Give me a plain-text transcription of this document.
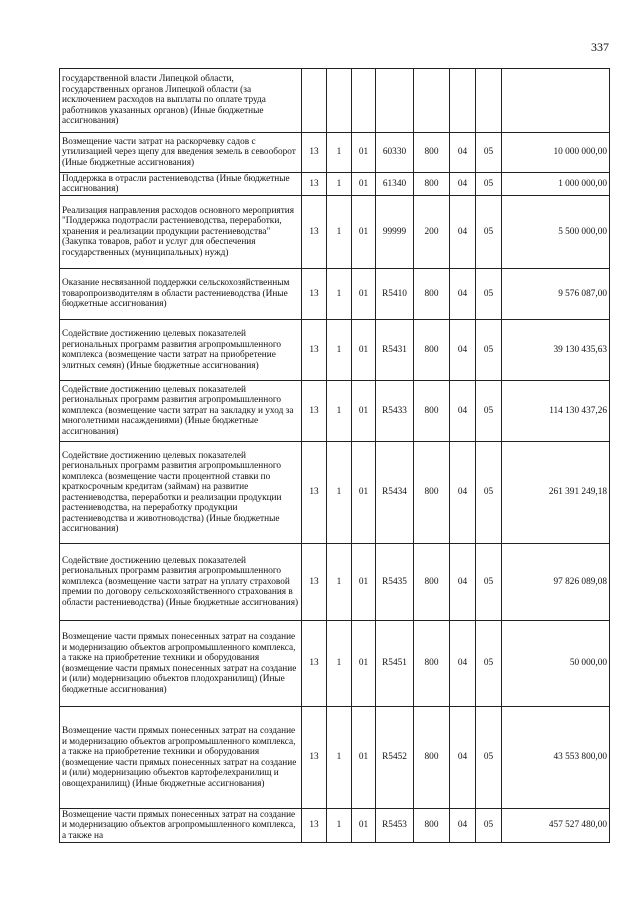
337
государственной власти Липецкой области, государственных органов Липецкой области (за исключением расходов на выплаты по оплате труда работников указанных органов) (Иные бюджетные ассигнования)								
Возмещение части затрат на раскорчевку садов с утилизацией через щепу для введения земель в севооборот (Иные бюджетные ассигнования)	13	1	01	60330	800	04	05	10 000 000,00
Поддержка в отрасли растениеводства (Иные бюджетные ассигнования)	13	1	01	61340	800	04	05	1 000 000,00
Реализация направления расходов основного мероприятия "Поддержка подотрасли растениеводства, переработки, хранения и реализации продукции растениеводства" (Закупка товаров, работ и услуг для обеспечения государственных (муниципальных) нужд)	13	1	01	99999	200	04	05	5 500 000,00
Оказание несвязанной поддержки сельскохозяйственным товаропроизводителям в области растениеводства (Иные бюджетные ассигнования)	13	1	01	R5410	800	04	05	9 576 087,00
Содействие достижению целевых показателей региональных программ развития агропромышленного комплекса (возмещение части затрат на приобретение элитных семян) (Иные бюджетные ассигнования)	13	1	01	R5431	800	04	05	39 130 435,63
Содействие достижению целевых показателей региональных программ развития агропромышленного комплекса (возмещение части затрат на закладку и уход за многолетними насаждениями) (Иные бюджетные ассигнования)	13	1	01	R5433	800	04	05	114 130 437,26
Содействие достижению целевых показателей региональных программ развития агропромышленного комплекса (возмещение части процентной ставки по краткосрочным кредитам (займам) на развитие растениеводства, переработки и реализации продукции растениеводства, на переработку продукции растениеводства и животноводства) (Иные бюджетные ассигнования)	13	1	01	R5434	800	04	05	261 391 249,18
Содействие достижению целевых показателей региональных программ развития агропромышленного комплекса (возмещение части затрат на уплату страховой премии по договору сельскохозяйственного страхования в области растениеводства) (Иные бюджетные ассигнования)	13	1	01	R5435	800	04	05	97 826 089,08
Возмещение части прямых понесенных затрат на создание и модернизацию объектов агропромышленного комплекса, а также на приобретение техники и оборудования (возмещение части прямых понесенных затрат на создание и (или) модернизацию объектов плодохранилищ) (Иные бюджетные ассигнования)	13	1	01	R5451	800	04	05	50 000,00
Возмещение части прямых понесенных затрат на создание и модернизацию объектов агропромышленного комплекса, а также на приобретение техники и оборудования (возмещение части прямых понесенных затрат на создание и (или) модернизацию объектов картофелехранилищ и овощехранилищ) (Иные бюджетные ассигнования)	13	1	01	R5452	800	04	05	43 553 800,00
Возмещение части прямых понесенных затрат на создание и модернизацию объектов агропромышленного комплекса, а также на	13	1	01	R5453	800	04	05	457 527 480,00
